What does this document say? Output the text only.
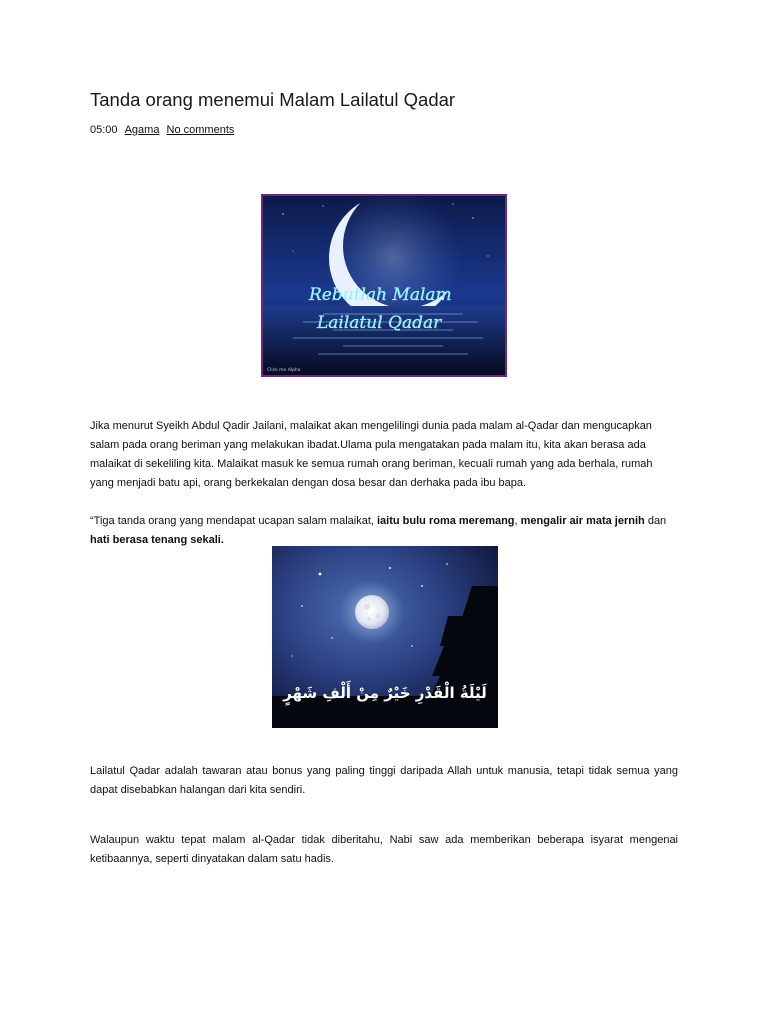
Tanda orang menemui Malam Lailatul Qadar
05:00 Agama No comments
Rebutlah Malam
Lailatul Qadar
Click me Alpha

Jika menurut Syeikh Abdul Qadir Jailani, malaikat akan mengelilingi dunia pada malam al-Qadar dan mengucapkan salam pada orang beriman yang melakukan ibadat.Ulama pula mengatakan pada malam itu, kita akan berasa ada malaikat di sekeliling kita. Malaikat masuk ke semua rumah orang beriman, kecuali rumah yang ada berhala, rumah yang menjadi batu api, orang berkekalan dengan dosa besar dan derhaka pada ibu bapa.

“Tiga tanda orang yang mendapat ucapan salam malaikat, iaitu bulu roma meremang, mengalir air mata jernih dan hati berasa tenang sekali.

لَيْلَةُ الْقَدْرِ خَيْرٌ مِنْ أَلْفِ شَهْرٍ

Lailatul Qadar adalah tawaran atau bonus yang paling tinggi daripada Allah untuk manusia, tetapi tidak semua yang dapat disebabkan halangan dari kita sendiri.

Walaupun waktu tepat malam al-Qadar tidak diberitahu, Nabi saw ada memberikan beberapa isyarat mengenai ketibaannya, seperti dinyatakan dalam satu hadis.
